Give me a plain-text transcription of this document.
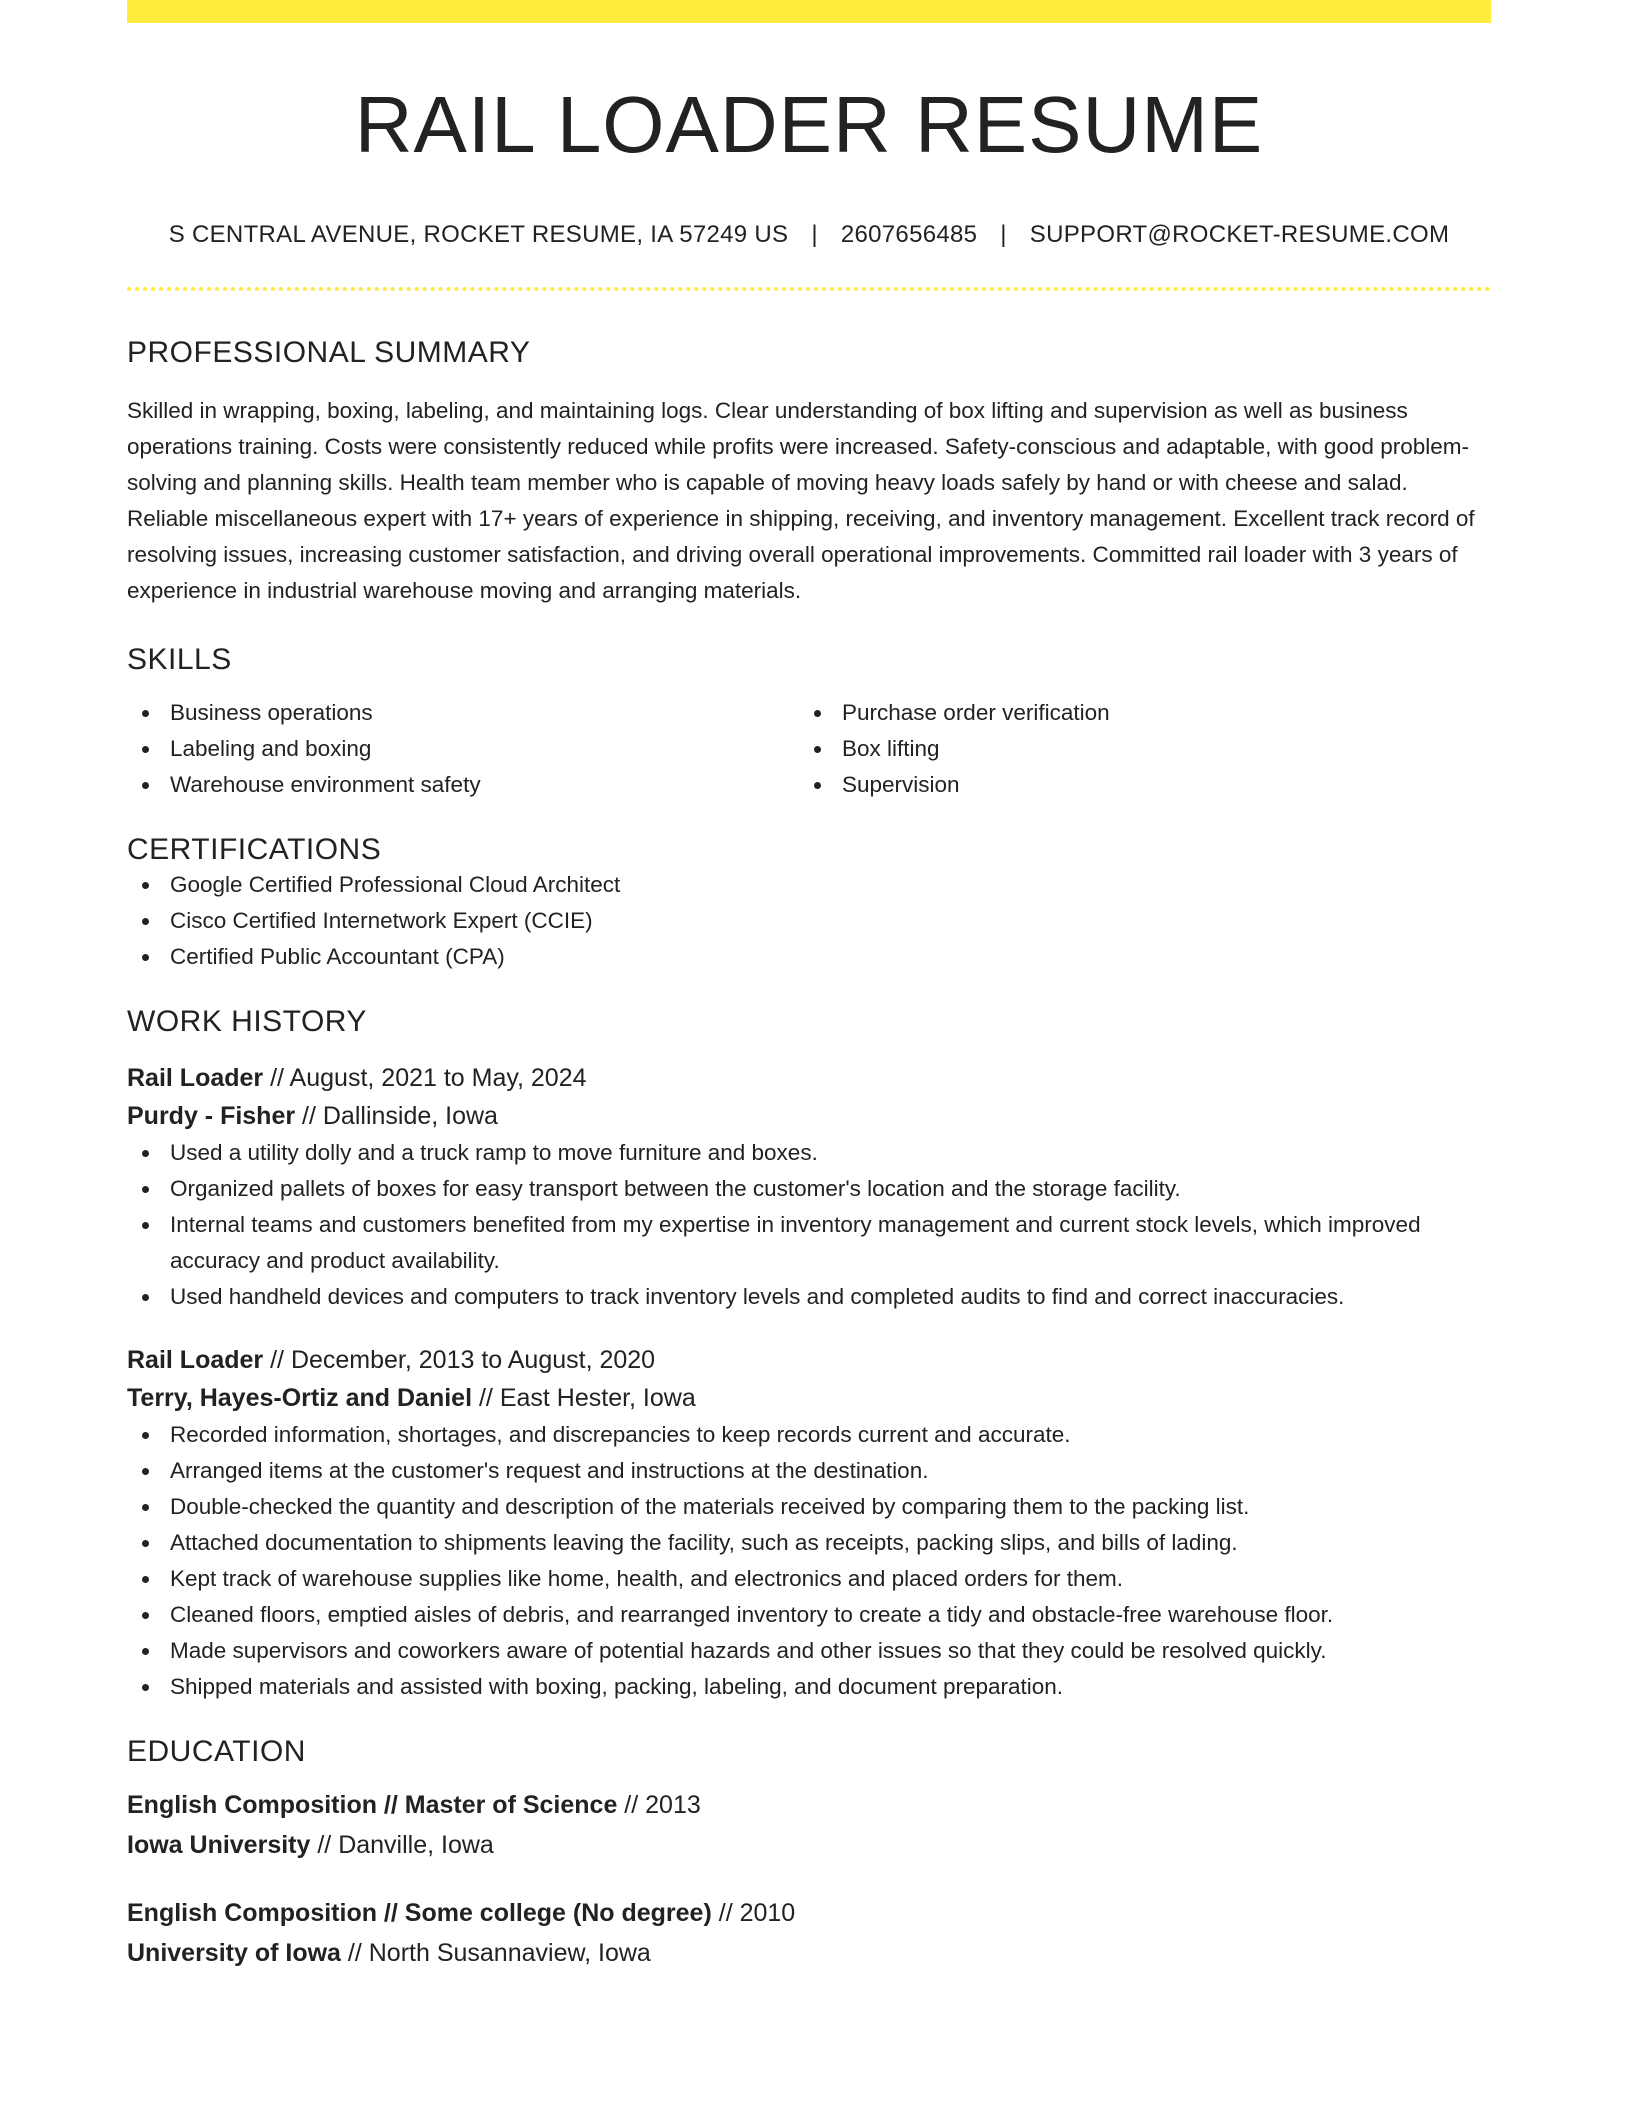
RAIL LOADER RESUME
S CENTRAL AVENUE, ROCKET RESUME, IA 57249 US | 2607656485 | SUPPORT@ROCKET-RESUME.COM
PROFESSIONAL SUMMARY

Skilled in wrapping, boxing, labeling, and maintaining logs. Clear understanding of box lifting and supervision as well as business operations training. Costs were consistently reduced while profits were increased. Safety-conscious and adaptable, with good problem-solving and planning skills. Health team member who is capable of moving heavy loads safely by hand or with cheese and salad. Reliable miscellaneous expert with 17+ years of experience in shipping, receiving, and inventory management. Excellent track record of resolving issues, increasing customer satisfaction, and driving overall operational improvements. Committed rail loader with 3 years of experience in industrial warehouse moving and arranging materials.

SKILLS
Business operations
Labeling and boxing
Warehouse environment safety
Purchase order verification
Box lifting
Supervision
CERTIFICATIONS
Google Certified Professional Cloud Architect
Cisco Certified Internetwork Expert (CCIE)
Certified Public Accountant (CPA)
WORK HISTORY
Rail Loader // August, 2021 to May, 2024
Purdy - Fisher // Dallinside, Iowa
Used a utility dolly and a truck ramp to move furniture and boxes.
Organized pallets of boxes for easy transport between the customer's location and the storage facility.
Internal teams and customers benefited from my expertise in inventory management and current stock levels, which improved accuracy and product availability.
Used handheld devices and computers to track inventory levels and completed audits to find and correct inaccuracies.
Rail Loader // December, 2013 to August, 2020
Terry, Hayes-Ortiz and Daniel // East Hester, Iowa
Recorded information, shortages, and discrepancies to keep records current and accurate.
Arranged items at the customer's request and instructions at the destination.
Double-checked the quantity and description of the materials received by comparing them to the packing list.
Attached documentation to shipments leaving the facility, such as receipts, packing slips, and bills of lading.
Kept track of warehouse supplies like home, health, and electronics and placed orders for them.
Cleaned floors, emptied aisles of debris, and rearranged inventory to create a tidy and obstacle-free warehouse floor.
Made supervisors and coworkers aware of potential hazards and other issues so that they could be resolved quickly.
Shipped materials and assisted with boxing, packing, labeling, and document preparation.
EDUCATION
English Composition // Master of Science // 2013
Iowa University // Danville, Iowa
English Composition // Some college (No degree) // 2010
University of Iowa // North Susannaview, Iowa
